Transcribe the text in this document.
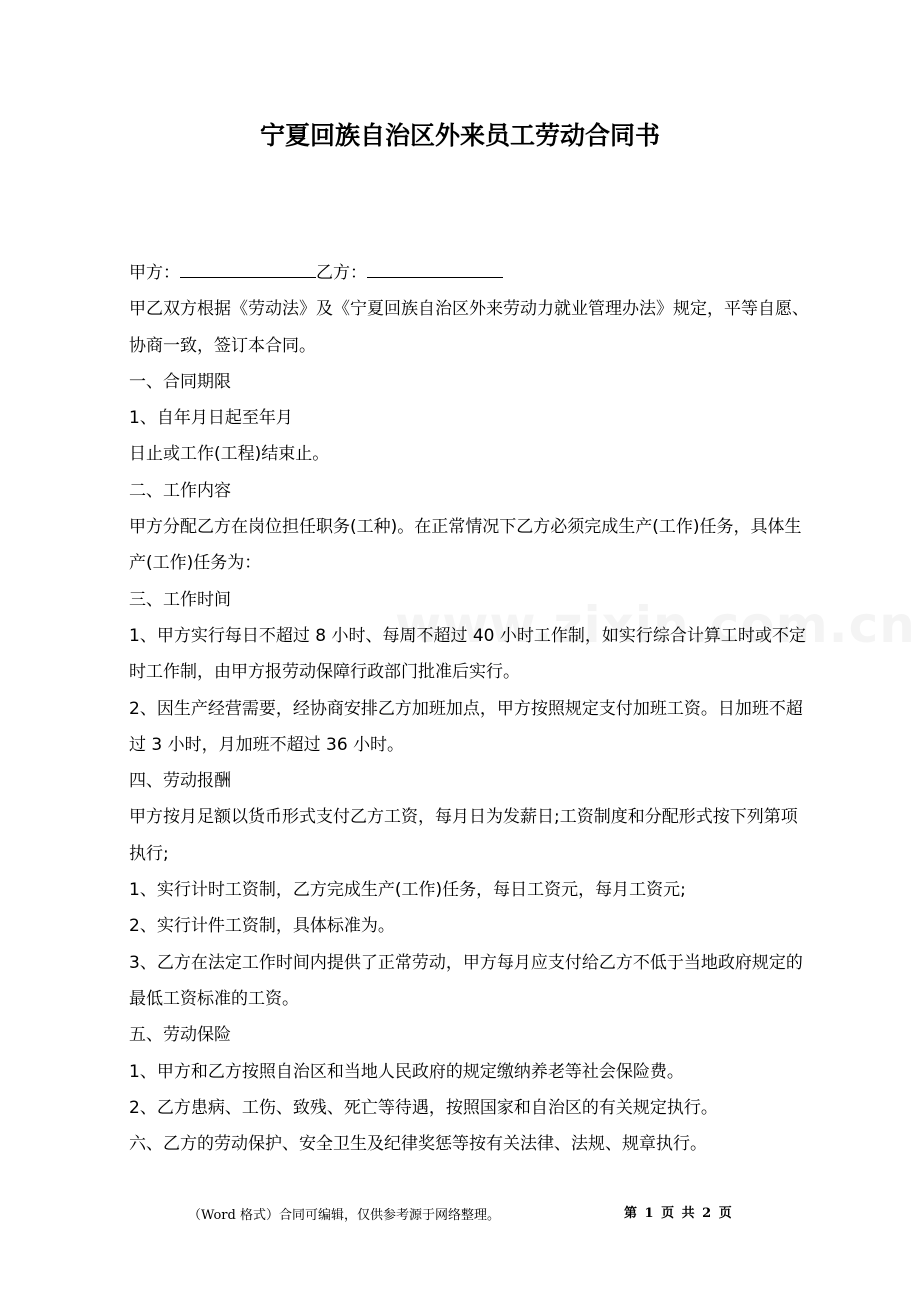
宁夏回族自治区外来员工劳动合同书

甲方：	乙方：

甲乙双方根据《劳动法》及《宁夏回族自治区外来劳动力就业管理办法》规定，平等自愿、协商一致，签订本合同。

一、合同期限

1、自年月日起至年月

日止或工作(工程)结束止。

二、工作内容

甲方分配乙方在岗位担任职务(工种)。在正常情况下乙方必须完成生产(工作)任务，具体生产(工作)任务为：

三、工作时间

1、甲方实行每日不超过 8 小时、每周不超过 40 小时工作制，如实行综合计算工时或不定时工作制，由甲方报劳动保障行政部门批准后实行。

2、因生产经营需要，经协商安排乙方加班加点，甲方按照规定支付加班工资。日加班不超过 3 小时，月加班不超过 36 小时。

四、劳动报酬

甲方按月足额以货币形式支付乙方工资，每月日为发薪日;工资制度和分配形式按下列第项执行;

1、实行计时工资制，乙方完成生产(工作)任务，每日工资元，每月工资元;

2、实行计件工资制，具体标准为。

3、乙方在法定工作时间内提供了正常劳动，甲方每月应支付给乙方不低于当地政府规定的最低工资标准的工资。

五、劳动保险

1、甲方和乙方按照自治区和当地人民政府的规定缴纳养老等社会保险费。

2、乙方患病、工伤、致残、死亡等待遇，按照国家和自治区的有关规定执行。

六、乙方的劳动保护、安全卫生及纪律奖惩等按有关法律、法规、规章执行。

（Word 格式）合同可编辑，仅供参考源于网络整理。	第 1 页 共 2 页
